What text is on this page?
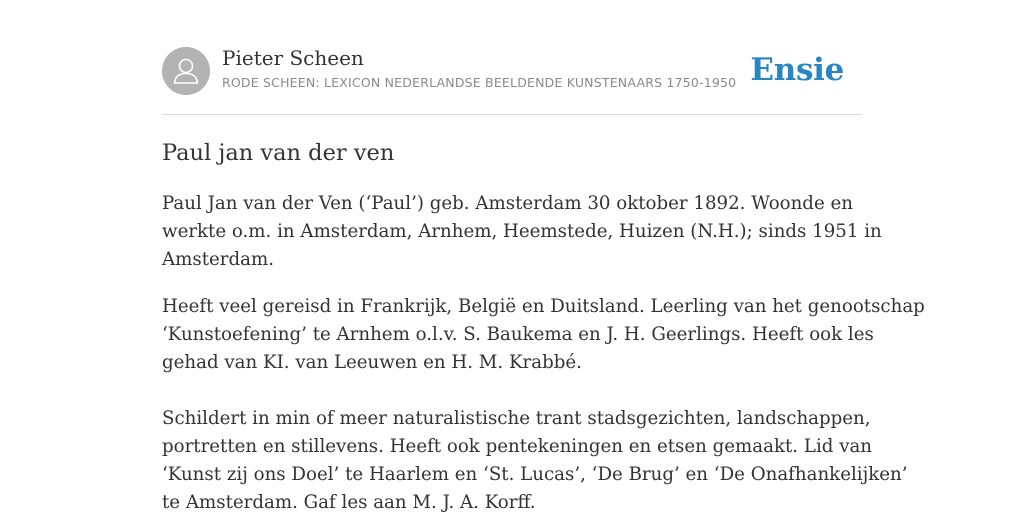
Pieter Scheen
RODE SCHEEN: LEXICON NEDERLANDSE BEELDENDE KUNSTENAARS 1750-1950 Ensie
Paul jan van der ven

Paul Jan van der Ven (‘Paul’) geb. Amsterdam 30 oktober 1892. Woonde en
werkte o.m. in Amsterdam, Arnhem, Heemstede, Huizen (N.H.); sinds 1951 in
Amsterdam.

Heeft veel gereisd in Frankrijk, België en Duitsland. Leerling van het genootschap
‘Kunstoefening’ te Arnhem o.l.v. S. Baukema en J. H. Geerlings. Heeft ook les
gehad van KI. van Leeuwen en H. M. Krabbé.

Schildert in min of meer naturalistische trant stadsgezichten, landschappen,
portretten en stillevens. Heeft ook pentekeningen en etsen gemaakt. Lid van
‘Kunst zij ons Doel’ te Haarlem en ‘St. Lucas’, ‘De Brug’ en ‘De Onafhankelijken’
te Amsterdam. Gaf les aan M. J. A. Korff.
